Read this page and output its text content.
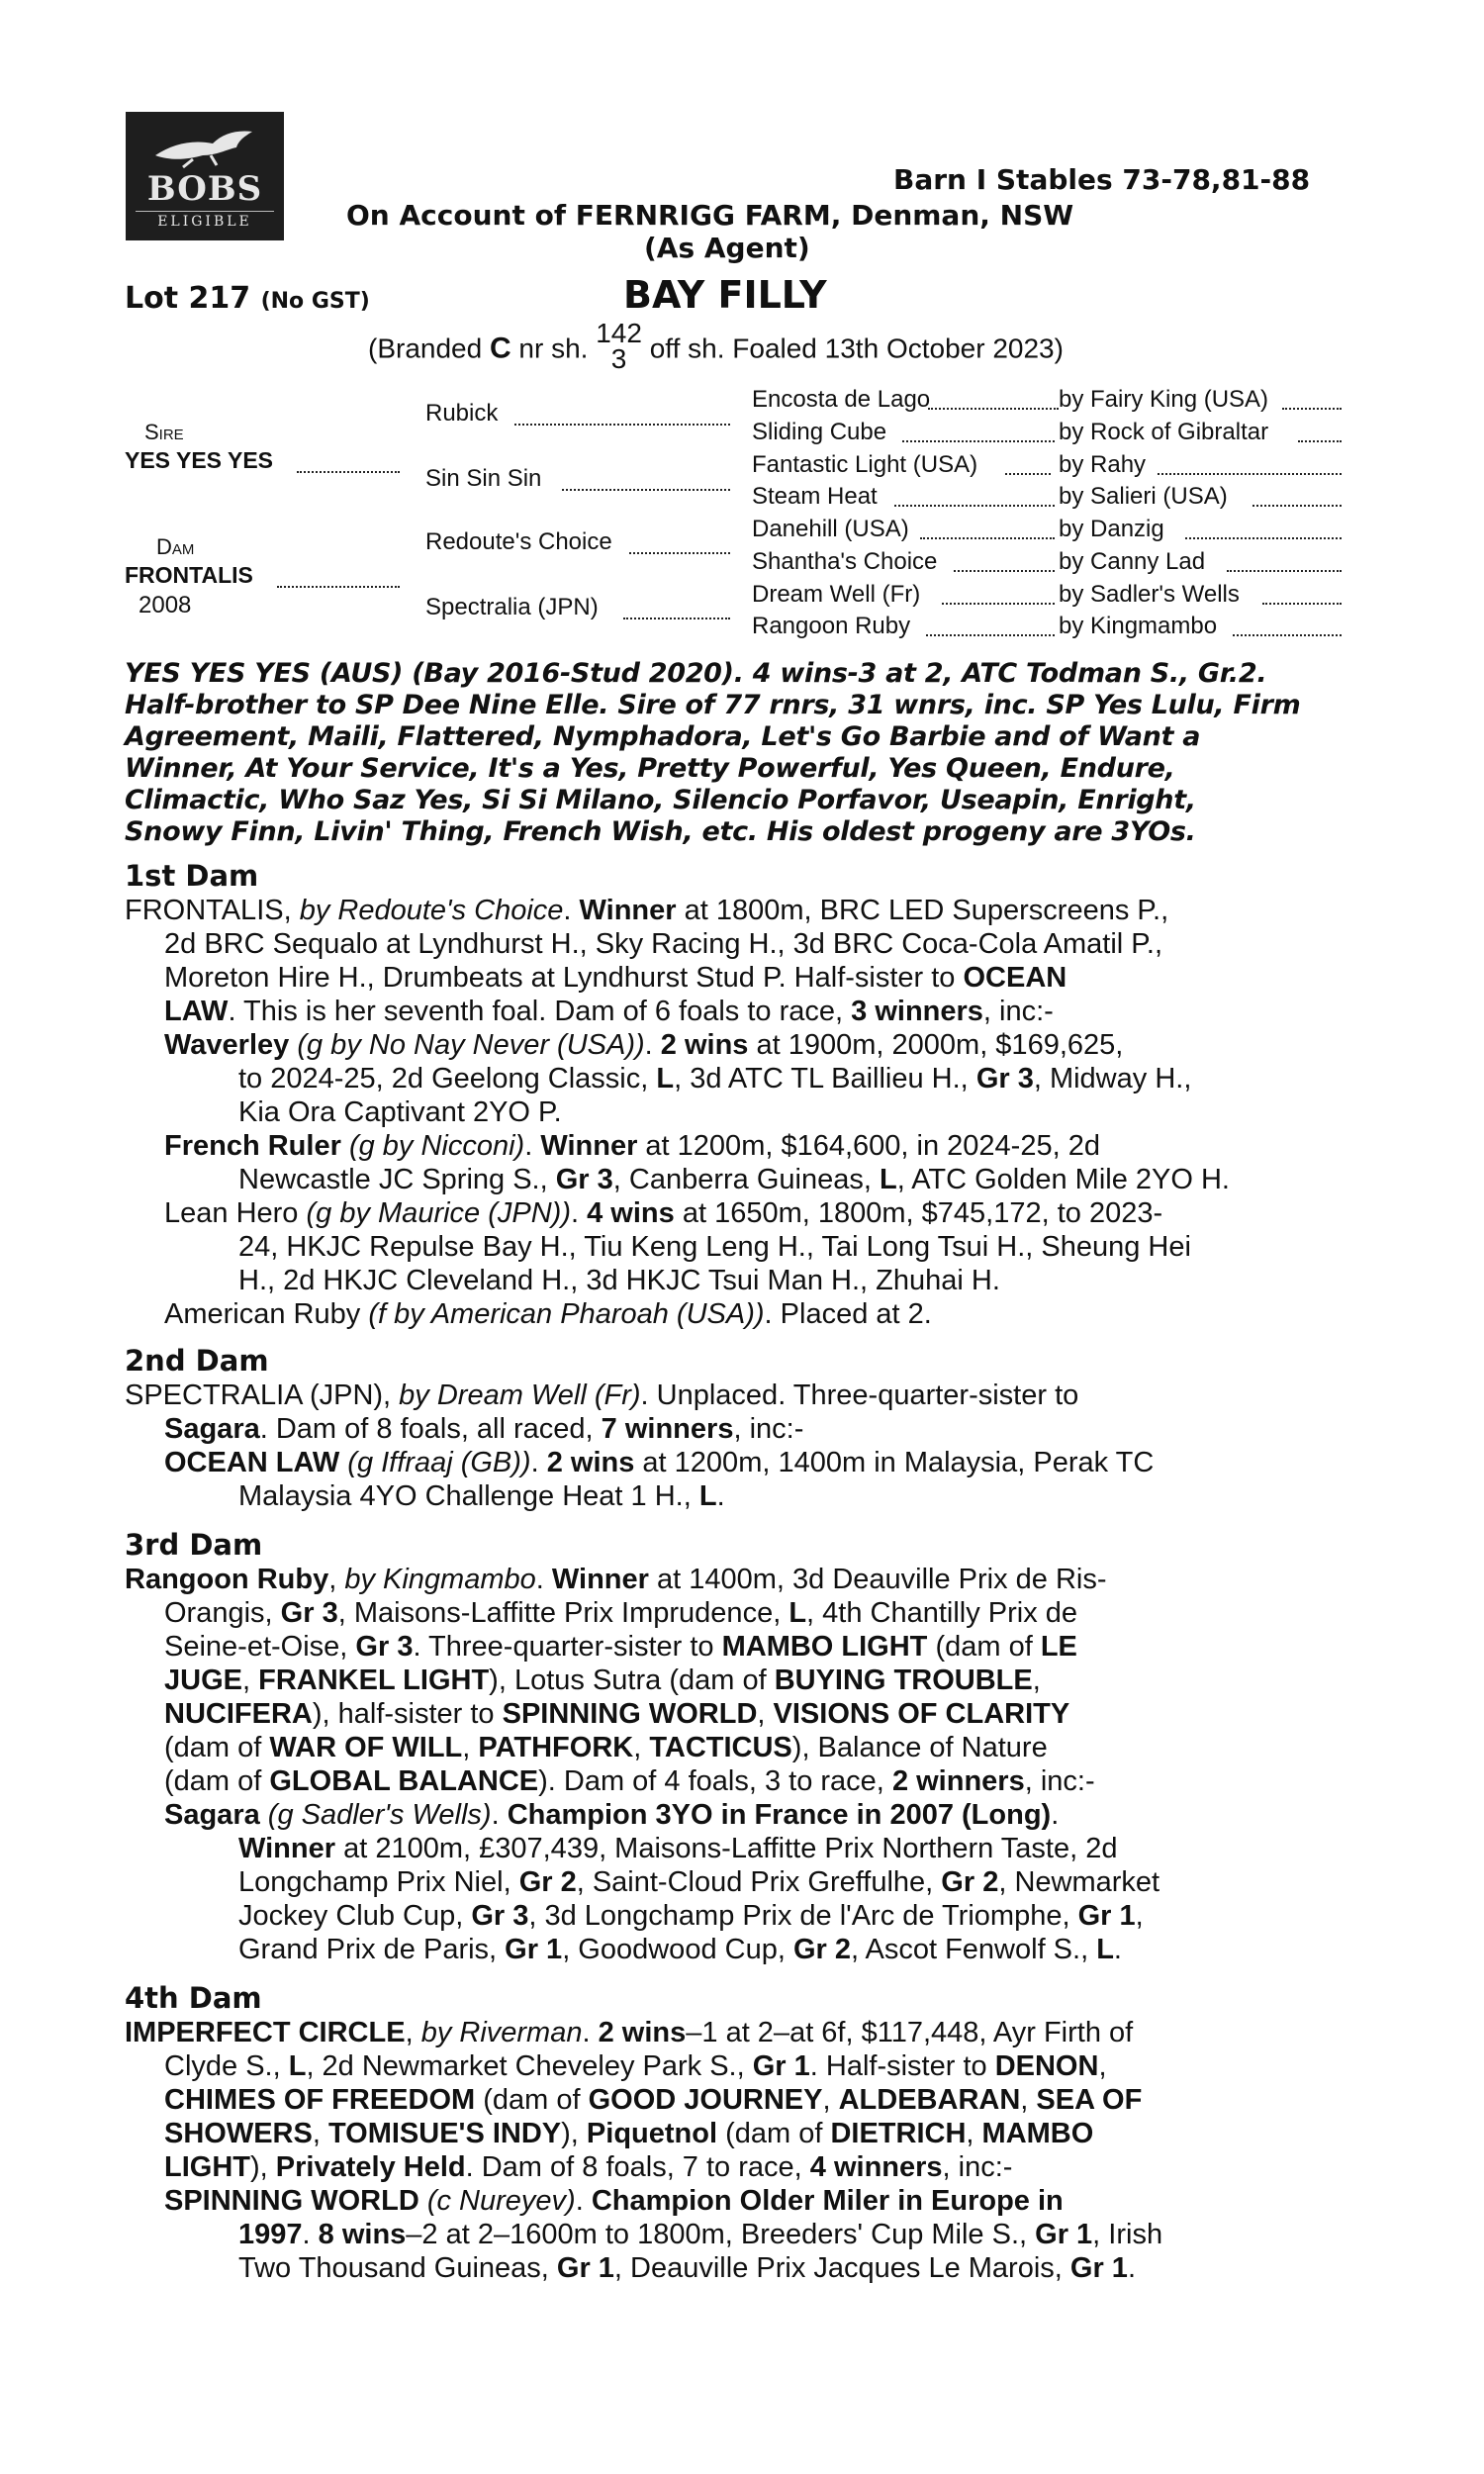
BOBS
ELIGIBLE
Barn I Stables 73-78,81-88
On Account of FERNRIGG FARM, Denman, NSW
(As Agent)
Lot 217 (No GST)	BAY FILLY
(Branded C nr sh. 142
3 off sh. Foaled 13th October 2023)
Sire
YES YES YES
Dam
FRONTALIS
2008
Rubick
Sin Sin Sin
Redoute's Choice
Spectralia (JPN)
Encosta de Lago
Sliding Cube
Fantastic Light (USA)
Steam Heat
Danehill (USA)
Shantha's Choice
Dream Well (Fr)
Rangoon Ruby
by Fairy King (USA)
by Rock of Gibraltar
by Rahy
by Salieri (USA)
by Danzig
by Canny Lad
by Sadler's Wells
by Kingmambo
YES YES YES (AUS) (Bay 2016-Stud 2020). 4 wins-3 at 2, ATC Todman S., Gr.2.
Half-brother to SP Dee Nine Elle. Sire of 77 rnrs, 31 wnrs, inc. SP Yes Lulu, Firm
Agreement, Maili, Flattered, Nymphadora, Let's Go Barbie and of Want a
Winner, At Your Service, It's a Yes, Pretty Powerful, Yes Queen, Endure,
Climactic, Who Saz Yes, Si Si Milano, Silencio Porfavor, Useapin, Enright,
Snowy Finn, Livin' Thing, French Wish, etc. His oldest progeny are 3YOs.
1st Dam
FRONTALIS, by Redoute's Choice. Winner at 1800m, BRC LED Superscreens P.,
2d BRC Sequalo at Lyndhurst H., Sky Racing H., 3d BRC Coca-Cola Amatil P.,
Moreton Hire H., Drumbeats at Lyndhurst Stud P. Half-sister to OCEAN
LAW. This is her seventh foal. Dam of 6 foals to race, 3 winners, inc:-
Waverley (g by No Nay Never (USA)). 2 wins at 1900m, 2000m, $169,625,
to 2024-25, 2d Geelong Classic, L, 3d ATC TL Baillieu H., Gr 3, Midway H.,
Kia Ora Captivant 2YO P.
French Ruler (g by Nicconi). Winner at 1200m, $164,600, in 2024-25, 2d
Newcastle JC Spring S., Gr 3, Canberra Guineas, L, ATC Golden Mile 2YO H.
Lean Hero (g by Maurice (JPN)). 4 wins at 1650m, 1800m, $745,172, to 2023-
24, HKJC Repulse Bay H., Tiu Keng Leng H., Tai Long Tsui H., Sheung Hei
H., 2d HKJC Cleveland H., 3d HKJC Tsui Man H., Zhuhai H.
American Ruby (f by American Pharoah (USA)). Placed at 2.
2nd Dam
SPECTRALIA (JPN), by Dream Well (Fr). Unplaced. Three-quarter-sister to
Sagara. Dam of 8 foals, all raced, 7 winners, inc:-
OCEAN LAW (g Iffraaj (GB)). 2 wins at 1200m, 1400m in Malaysia, Perak TC
Malaysia 4YO Challenge Heat 1 H., L.
3rd Dam
Rangoon Ruby, by Kingmambo. Winner at 1400m, 3d Deauville Prix de Ris-
Orangis, Gr 3, Maisons-Laffitte Prix Imprudence, L, 4th Chantilly Prix de
Seine-et-Oise, Gr 3. Three-quarter-sister to MAMBO LIGHT (dam of LE
JUGE, FRANKEL LIGHT), Lotus Sutra (dam of BUYING TROUBLE,
NUCIFERA), half-sister to SPINNING WORLD, VISIONS OF CLARITY
(dam of WAR OF WILL, PATHFORK, TACTICUS), Balance of Nature
(dam of GLOBAL BALANCE). Dam of 4 foals, 3 to race, 2 winners, inc:-
Sagara (g Sadler's Wells). Champion 3YO in France in 2007 (Long).
Winner at 2100m, £307,439, Maisons-Laffitte Prix Northern Taste, 2d
Longchamp Prix Niel, Gr 2, Saint-Cloud Prix Greffulhe, Gr 2, Newmarket
Jockey Club Cup, Gr 3, 3d Longchamp Prix de l'Arc de Triomphe, Gr 1,
Grand Prix de Paris, Gr 1, Goodwood Cup, Gr 2, Ascot Fenwolf S., L.
4th Dam
IMPERFECT CIRCLE, by Riverman. 2 wins–1 at 2–at 6f, $117,448, Ayr Firth of
Clyde S., L, 2d Newmarket Cheveley Park S., Gr 1. Half-sister to DENON,
CHIMES OF FREEDOM (dam of GOOD JOURNEY, ALDEBARAN, SEA OF
SHOWERS, TOMISUE'S INDY), Piquetnol (dam of DIETRICH, MAMBO
LIGHT), Privately Held. Dam of 8 foals, 7 to race, 4 winners, inc:-
SPINNING WORLD (c Nureyev). Champion Older Miler in Europe in
1997. 8 wins–2 at 2–1600m to 1800m, Breeders' Cup Mile S., Gr 1, Irish
Two Thousand Guineas, Gr 1, Deauville Prix Jacques Le Marois, Gr 1.
